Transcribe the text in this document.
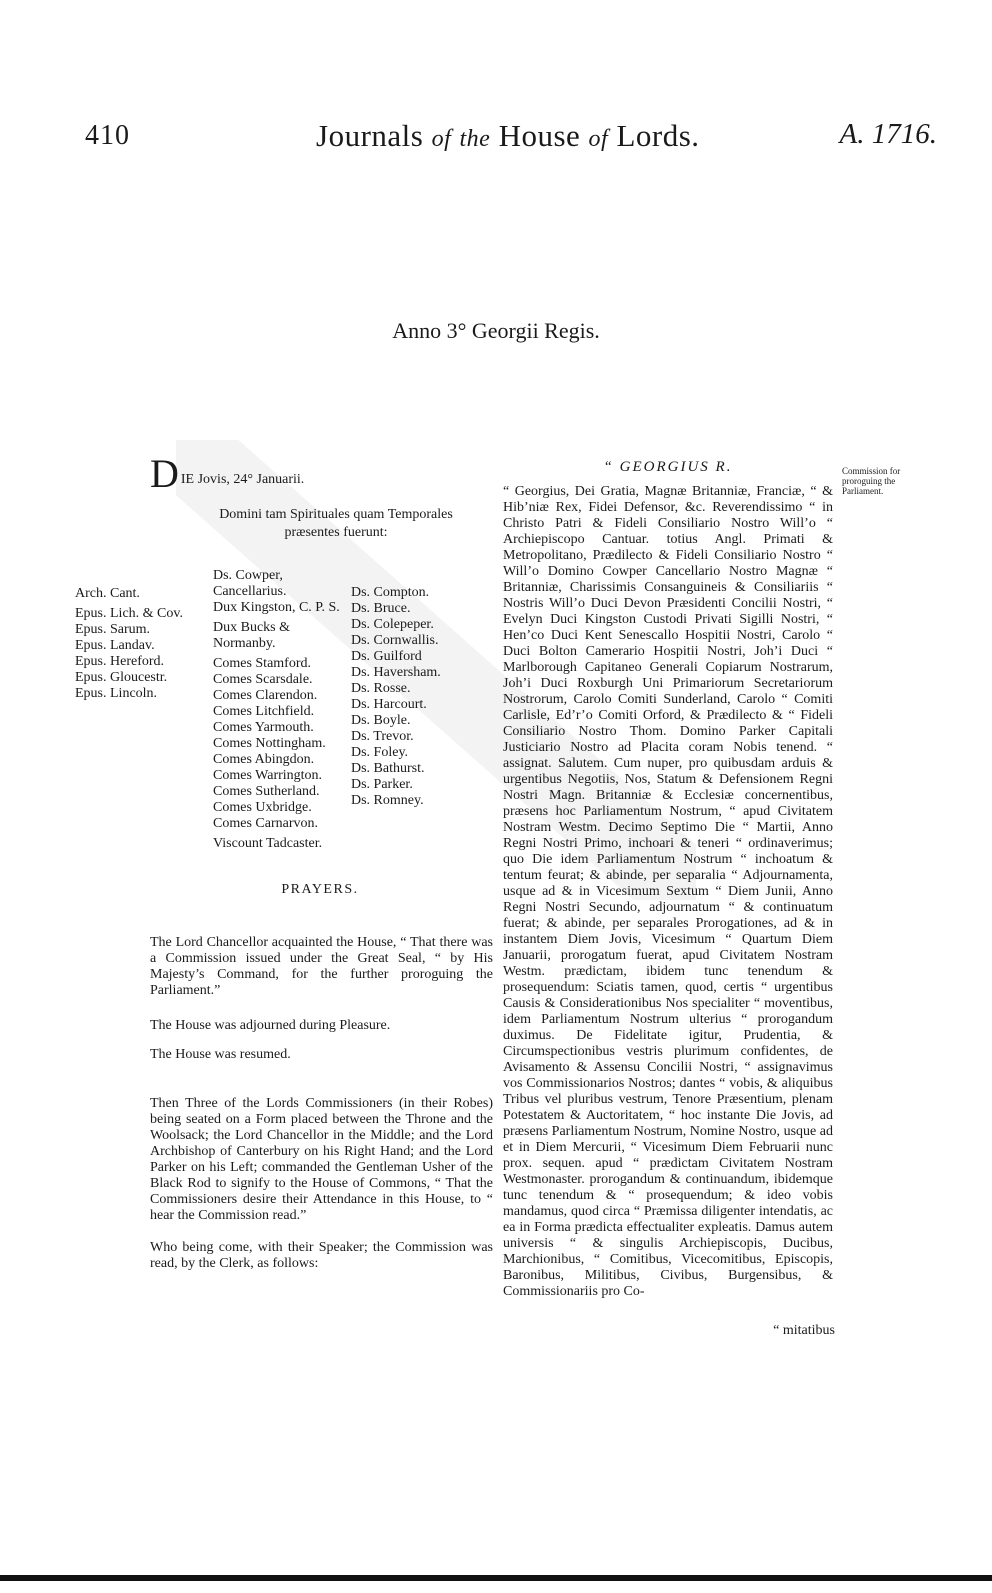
410	Journals of the House of Lords.	A. 1716.
Anno 3° Georgii Regis.
DIE Jovis, 24° Januarii.
Domini tam Spirituales quam Temporales præsentes fuerunt:
Arch. Cant.
Epus. Lich. & Cov.
Epus. Sarum.
Epus. Landav.
Epus. Hereford.
Epus. Gloucestr.
Epus. Lincoln.
Ds. Cowper, Cancellarius.
Dux Kingston, C. P. S.
Dux Bucks & Normanby.
Comes Stamford.
Comes Scarsdale.
Comes Clarendon.
Comes Litchfield.
Comes Yarmouth.
Comes Nottingham.
Comes Abingdon.
Comes Warrington.
Comes Sutherland.
Comes Uxbridge.
Comes Carnarvon.
Viscount Tadcaster.
Ds. Compton.
Ds. Bruce.
Ds. Colepeper.
Ds. Cornwallis.
Ds. Guilford
Ds. Haversham.
Ds. Rosse.
Ds. Harcourt.
Ds. Boyle.
Ds. Trevor.
Ds. Foley.
Ds. Bathurst.
Ds. Parker.
Ds. Romney.
PRAYERS.

The Lord Chancellor acquainted the House, “ That there was a Commission issued under the Great Seal, “ by His Majesty’s Command, for the further proroguing the Parliament.”

The House was adjourned during Pleasure.

The House was resumed.

Then Three of the Lords Commissioners (in their Robes) being seated on a Form placed between the Throne and the Woolsack; the Lord Chancellor in the Middle; and the Lord Archbishop of Canterbury on his Right Hand; and the Lord Parker on his Left; commanded the Gentleman Usher of the Black Rod to signify to the House of Commons, “ That the Commissioners desire their Attendance in this House, to “ hear the Commission read.”

Who being come, with their Speaker; the Commission was read, by the Clerk, as follows:

“ GEORGIUS R.

“ Georgius, Dei Gratia, Magnæ Britanniæ, Franciæ, “ & Hib’niæ Rex, Fidei Defensor, &c. Reverendissimo “ in Christo Patri & Fideli Consiliario Nostro Will’o “ Archiepiscopo Cantuar. totius Angl. Primati & Metropolitano, Prædilecto & Fideli Consiliario Nostro “ Will’o Domino Cowper Cancellario Nostro Magnæ “ Britanniæ, Charissimis Consanguineis & Consiliariis “ Nostris Will’o Duci Devon Præsidenti Concilii Nostri, “ Evelyn Duci Kingston Custodi Privati Sigilli Nostri, “ Hen’co Duci Kent Senescallo Hospitii Nostri, Carolo “ Duci Bolton Camerario Hospitii Nostri, Joh’i Duci “ Marlborough Capitaneo Generali Copiarum Nostrarum, Joh’i Duci Roxburgh Uni Primariorum Secretariorum Nostrorum, Carolo Comiti Sunderland, Carolo “ Comiti Carlisle, Ed’r’o Comiti Orford, & Prædilecto & “ Fideli Consiliario Nostro Thom. Domino Parker Capitali Justiciario Nostro ad Placita coram Nobis tenend. “ assignat. Salutem. Cum nuper, pro quibusdam arduis & urgentibus Negotiis, Nos, Statum & Defensionem Regni Nostri Magn. Britanniæ & Ecclesiæ concernentibus, præsens hoc Parliamentum Nostrum, “ apud Civitatem Nostram Westm. Decimo Septimo Die “ Martii, Anno Regni Nostri Primo, inchoari & teneri “ ordinaverimus; quo Die idem Parliamentum Nostrum “ inchoatum & tentum feurat; & abinde, per separalia “ Adjournamenta, usque ad & in Vicesimum Sextum “ Diem Junii, Anno Regni Nostri Secundo, adjournatum “ & continuatum fuerat; & abinde, per separales Prorogationes, ad & in instantem Diem Jovis, Vicesimum “ Quartum Diem Januarii, prorogatum fuerat, apud Civitatem Nostram Westm. prædictam, ibidem tunc tenendum & prosequendum: Sciatis tamen, quod, certis “ urgentibus Causis & Considerationibus Nos specialiter “ moventibus, idem Parliamentum Nostrum ulterius “ prorogandum duximus. De Fidelitate igitur, Prudentia, & Circumspectionibus vestris plurimum confidentes, de Avisamento & Assensu Concilii Nostri, “ assignavimus vos Commissionarios Nostros; dantes “ vobis, & aliquibus Tribus vel pluribus vestrum, Tenore Præsentium, plenam Potestatem & Auctoritatem, “ hoc instante Die Jovis, ad præsens Parliamentum Nostrum, Nomine Nostro, usque ad et in Diem Mercurii, “ Vicesimum Diem Februarii nunc prox. sequen. apud “ prædictam Civitatem Nostram Westmonaster. prorogandum & continuandum, ibidemque tunc tenendum & “ prosequendum; & ideo vobis mandamus, quod circa “ Præmissa diligenter intendatis, ac ea in Forma prædicta effectualiter expleatis. Damus autem universis “ & singulis Archiepiscopis, Ducibus, Marchionibus, “ Comitibus, Vicecomitibus, Episcopis, Baronibus, Militibus, Civibus, Burgensibus, & Commissionariis pro Co-

Commission for proroguing the Parliament.
“ mitatibus
